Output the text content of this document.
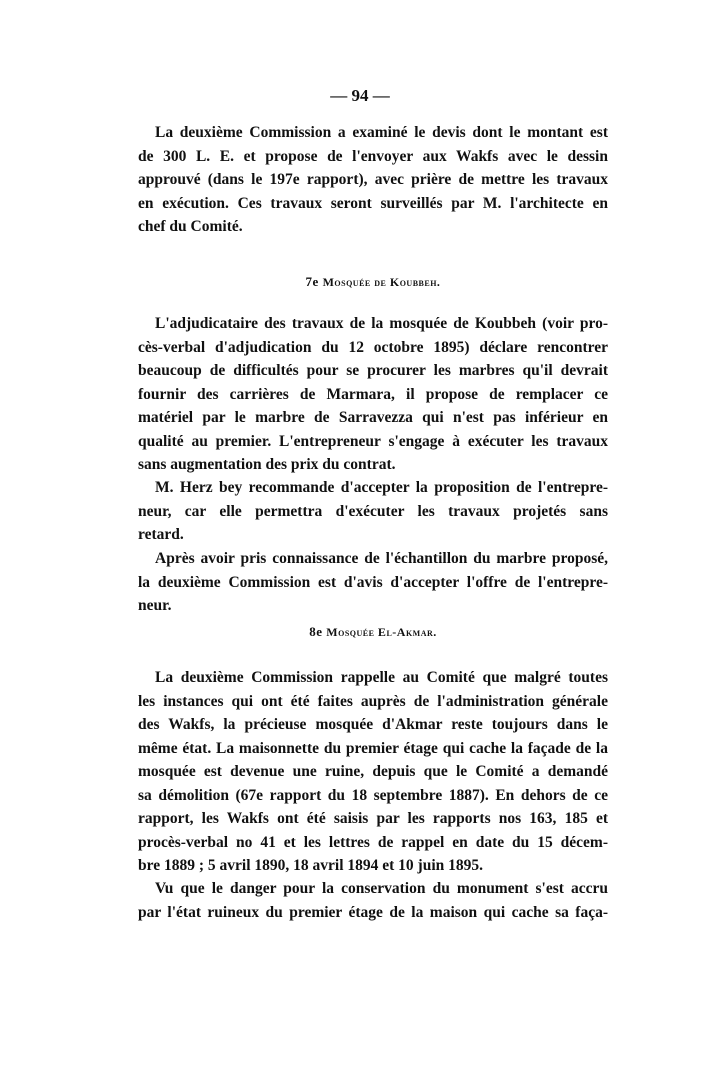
— 94 —
La deuxième Commission a examiné le devis dont le montant est
de 300 L. E. et propose de l'envoyer aux Wakfs avec le dessin
approuvé (dans le 197e rapport), avec prière de mettre les travaux
en exécution. Ces travaux seront surveillés par M. l'architecte en
chef du Comité.
7e Mosquée de Koubbeh.
L'adjudicataire des travaux de la mosquée de Koubbeh (voir pro-
cès-verbal d'adjudication du 12 octobre 1895) déclare rencontrer
beaucoup de difficultés pour se procurer les marbres qu'il devrait
fournir des carrières de Marmara, il propose de remplacer ce
matériel par le marbre de Sarravezza qui n'est pas inférieur en
qualité au premier. L'entrepreneur s'engage à exécuter les travaux
sans augmentation des prix du contrat.
M. Herz bey recommande d'accepter la proposition de l'entrepre-
neur, car elle permettra d'exécuter les travaux projetés sans
retard.
Après avoir pris connaissance de l'échantillon du marbre proposé,
la deuxième Commission est d'avis d'accepter l'offre de l'entrepre-
neur.
8e Mosquée El-Akmar.
La deuxième Commission rappelle au Comité que malgré toutes
les instances qui ont été faites auprès de l'administration générale
des Wakfs, la précieuse mosquée d'Akmar reste toujours dans le
même état. La maisonnette du premier étage qui cache la façade de la
mosquée est devenue une ruine, depuis que le Comité a demandé
sa démolition (67e rapport du 18 septembre 1887). En dehors de ce
rapport, les Wakfs ont été saisis par les rapports nos 163, 185 et
procès-verbal no 41 et les lettres de rappel en date du 15 décem-
bre 1889 ; 5 avril 1890, 18 avril 1894 et 10 juin 1895.
Vu que le danger pour la conservation du monument s'est accru
par l'état ruineux du premier étage de la maison qui cache sa façа-
